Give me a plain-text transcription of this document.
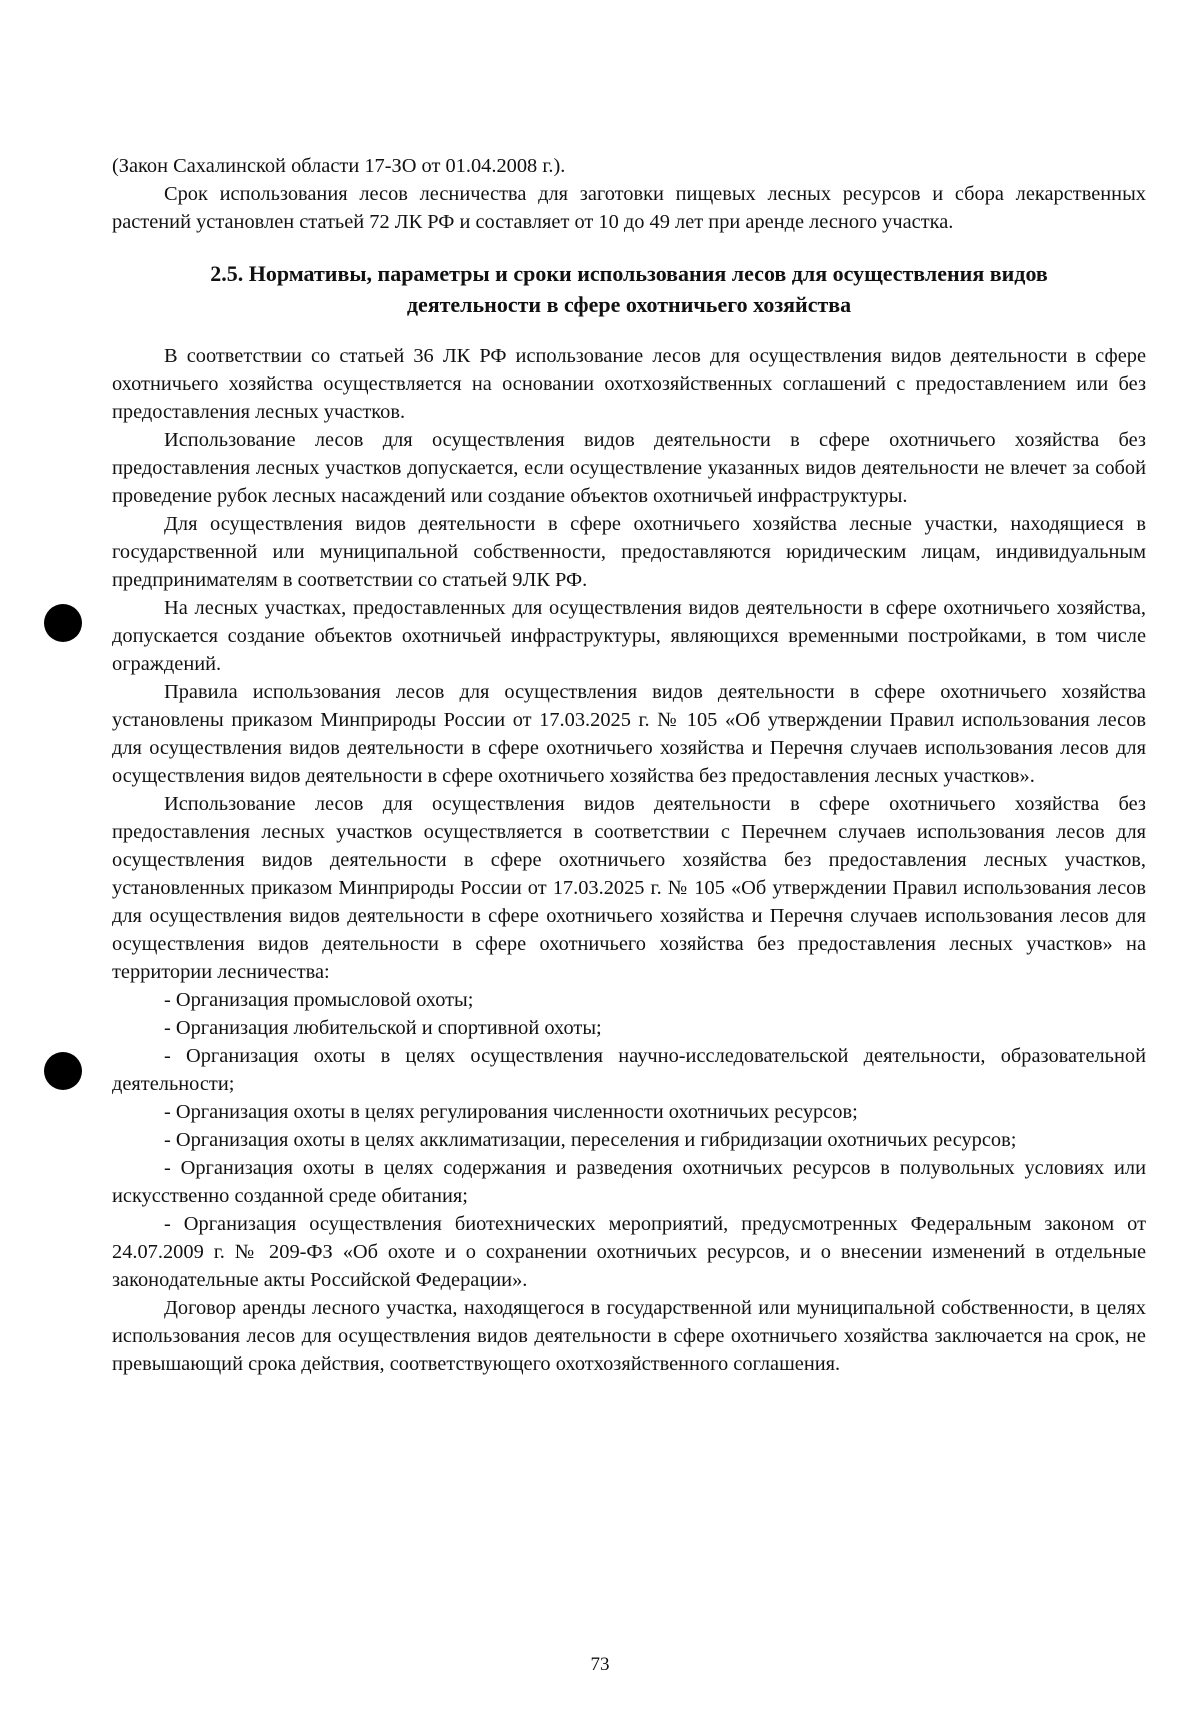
(Закон Сахалинской области 17-ЗО от 01.04.2008 г.).

Срок использования лесов лесничества для заготовки пищевых лесных ресурсов и сбора лекарственных растений установлен статьей 72 ЛК РФ и составляет от 10 до 49 лет при аренде лесного участка.

2.5. Нормативы, параметры и сроки использования лесов для осуществления видов
деятельности в сфере охотничьего хозяйства

В соответствии со статьей 36 ЛК РФ использование лесов для осуществления видов деятельности в сфере охотничьего хозяйства осуществляется на основании охотхозяйственных соглашений с предоставлением или без предоставления лесных участков.

Использование лесов для осуществления видов деятельности в сфере охотничьего хозяйства без предоставления лесных участков допускается, если осуществление указанных видов деятельности не влечет за собой проведение рубок лесных насаждений или создание объектов охотничьей инфраструктуры.

Для осуществления видов деятельности в сфере охотничьего хозяйства лесные участки, находящиеся в государственной или муниципальной собственности, предоставляются юридическим лицам, индивидуальным предпринимателям в соответствии со статьей 9ЛК РФ.

На лесных участках, предоставленных для осуществления видов деятельности в сфере охотничьего хозяйства, допускается создание объектов охотничьей инфраструктуры, являющихся временными постройками, в том числе ограждений.

Правила использования лесов для осуществления видов деятельности в сфере охотничьего хозяйства установлены приказом Минприроды России от 17.03.2025 г. № 105 «Об утверждении Правил использования лесов для осуществления видов деятельности в сфере охотничьего хозяйства и Перечня случаев использования лесов для осуществления видов деятельности в сфере охотничьего хозяйства без предоставления лесных участков».

Использование лесов для осуществления видов деятельности в сфере охотничьего хозяйства без предоставления лесных участков осуществляется в соответствии с Перечнем случаев использования лесов для осуществления видов деятельности в сфере охотничьего хозяйства без предоставления лесных участков, установленных приказом Минприроды России от 17.03.2025 г. № 105 «Об утверждении Правил использования лесов для осуществления видов деятельности в сфере охотничьего хозяйства и Перечня случаев использования лесов для осуществления видов деятельности в сфере охотничьего хозяйства без предоставления лесных участков» на территории лесничества:

- Организация промысловой охоты;

- Организация любительской и спортивной охоты;

- Организация охоты в целях осуществления научно-исследовательской деятельности, образовательной деятельности;

- Организация охоты в целях регулирования численности охотничьих ресурсов;

- Организация охоты в целях акклиматизации, переселения и гибридизации охотничьих ресурсов;

- Организация охоты в целях содержания и разведения охотничьих ресурсов в полувольных условиях или искусственно созданной среде обитания;

- Организация осуществления биотехнических мероприятий, предусмотренных Федеральным законом от 24.07.2009 г. № 209-ФЗ «Об охоте и о сохранении охотничьих ресурсов, и о внесении изменений в отдельные законодательные акты Российской Федерации».

Договор аренды лесного участка, находящегося в государственной или муниципальной собственности, в целях использования лесов для осуществления видов деятельности в сфере охотничьего хозяйства заключается на срок, не превышающий срока действия, соответствующего охотхозяйственного соглашения.

73
